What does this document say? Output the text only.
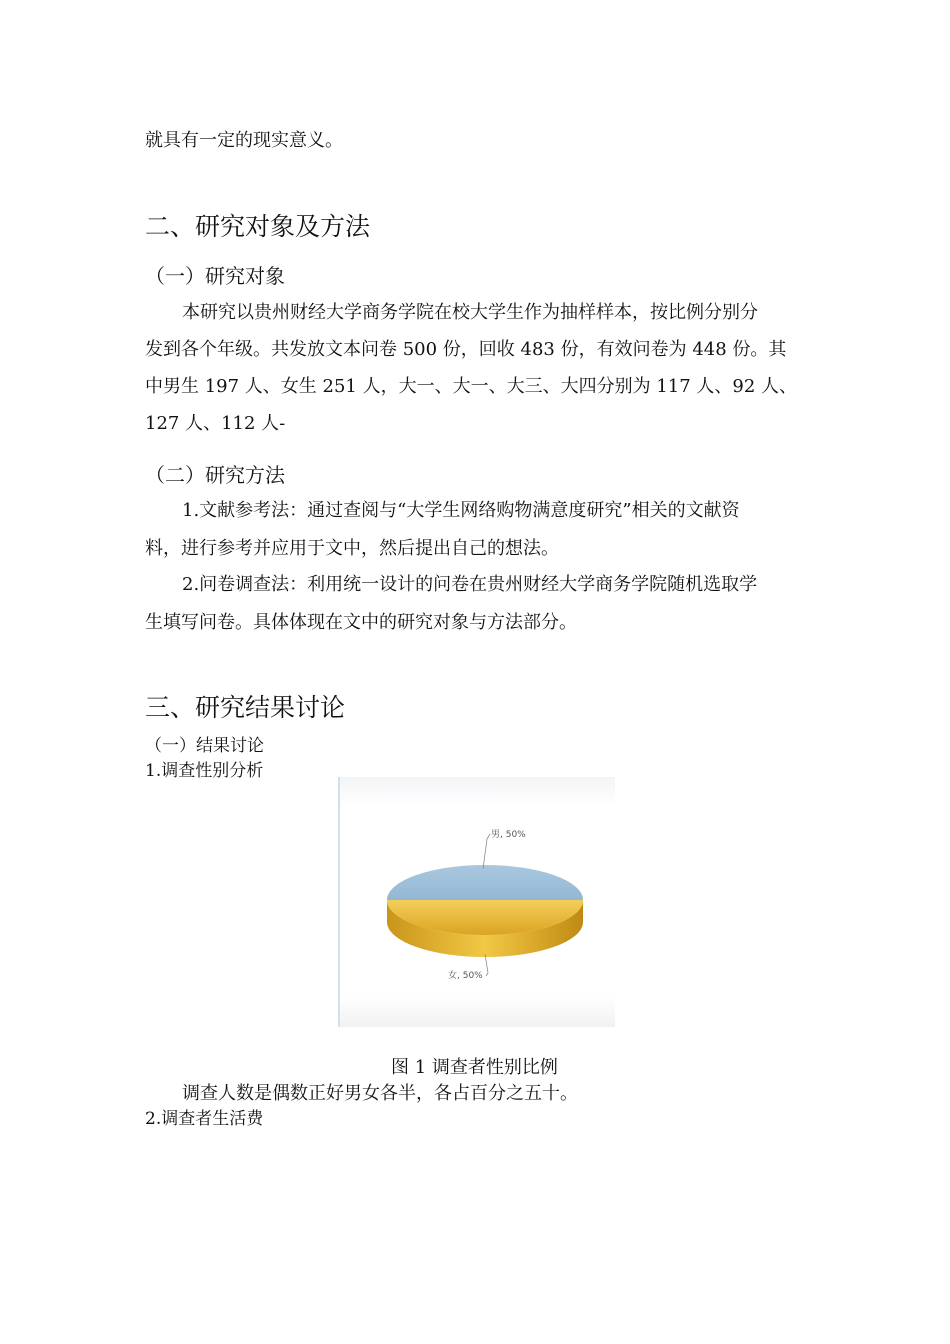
就具有一定的现实意义。
二、研究对象及方法
（一）研究对象
本研究以贵州财经大学商务学院在校大学生作为抽样样本，按比例分别分
发到各个年级。共发放文本问卷 500 份，回收 483 份，有效问卷为 448 份。其
中男生 197 人、女生 251 人，大一、大一、大三、大四分别为 117 人、92 人、
127 人、112 人-
（二）研究方法
1.文献参考法：通过查阅与“大学生网络购物满意度研究”相关的文献资
料，进行参考并应用于文中，然后提出自己的想法。
2.问卷调查法：利用统一设计的问卷在贵州财经大学商务学院随机选取学
生填写问卷。具体体现在文中的研究对象与方法部分。
三、研究结果讨论
（一）结果讨论
1.调查性别分析
男, 50%
女, 50%
图 1 调查者性别比例
调查人数是偶数正好男女各半，各占百分之五十。
2.调查者生活费
